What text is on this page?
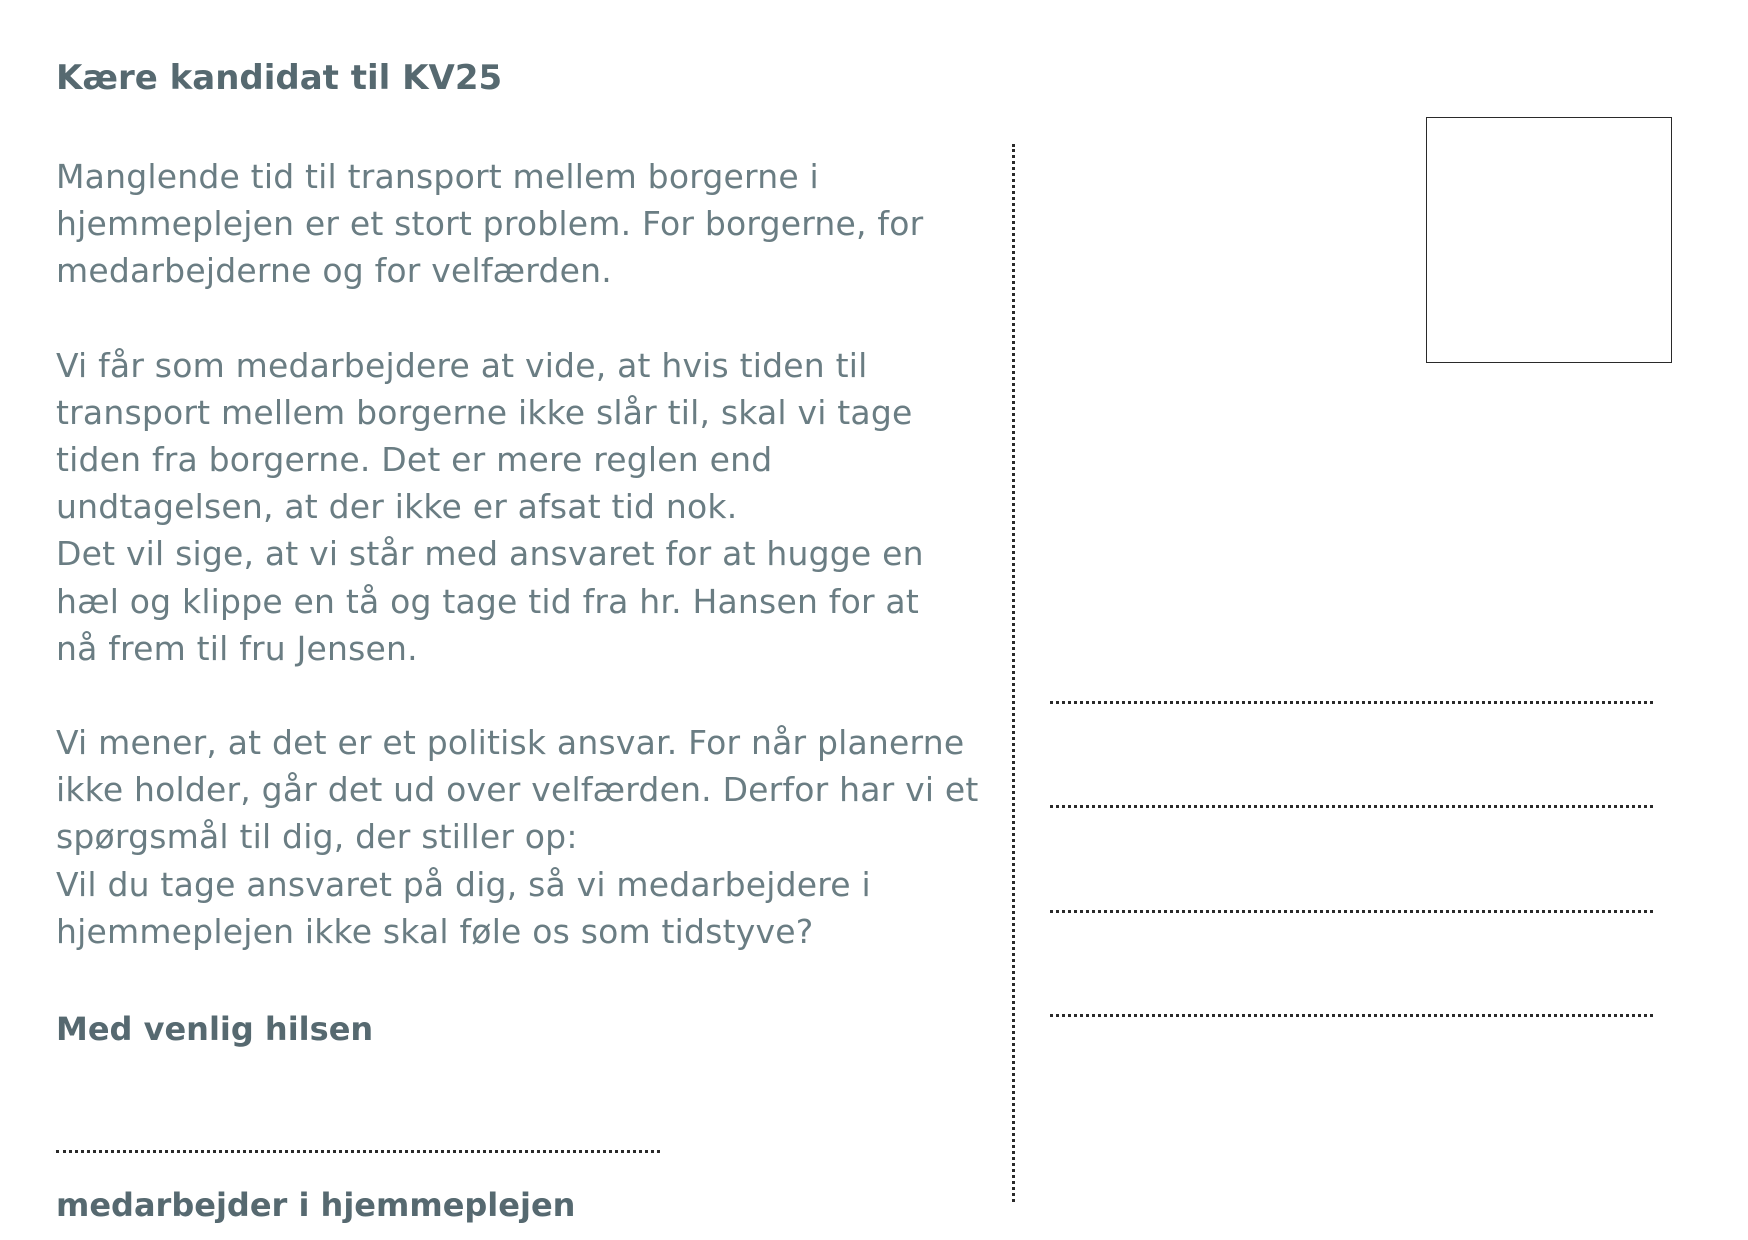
Kære kandidat til KV25

Manglende tid til transport mellem borgerne i
hjemmeplejen er et stort problem. For borgerne, for
medarbejderne og for velfærden.

Vi får som medarbejdere at vide, at hvis tiden til
transport mellem borgerne ikke slår til, skal vi tage
tiden fra borgerne. Det er mere reglen end
undtagelsen, at der ikke er afsat tid nok.
Det vil sige, at vi står med ansvaret for at hugge en
hæl og klippe en tå og tage tid fra hr. Hansen for at
nå frem til fru Jensen.

Vi mener, at det er et politisk ansvar. For når planerne
ikke holder, går det ud over velfærden. Derfor har vi et
spørgsmål til dig, der stiller op:
Vil du tage ansvaret på dig, så vi medarbejdere i
hjemmeplejen ikke skal føle os som tidstyve?

Med venlig hilsen
medarbejder i hjemmeplejen
